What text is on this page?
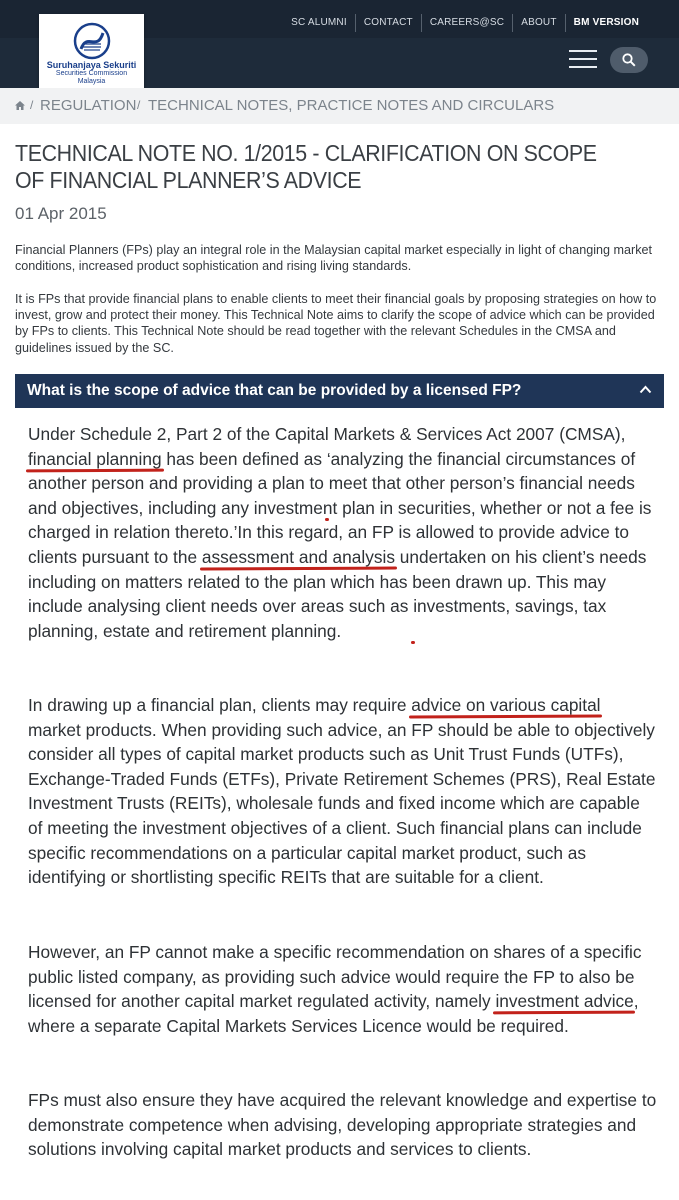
SC ALUMNI	CONTACT	CAREERS@SC	ABOUT	BM VERSION
Suruhanjaya Sekuriti
Securities Commission
Malaysia
/ REGULATION / TECHNICAL NOTES, PRACTICE NOTES AND CIRCULARS
TECHNICAL NOTE NO. 1/2015 - CLARIFICATION ON SCOPE OF FINANCIAL PLANNER’S ADVICE
01 Apr 2015
Financial Planners (FPs) play an integral role in the Malaysian capital market especially in light of changing market conditions, increased product sophistication and rising living standards.
It is FPs that provide financial plans to enable clients to meet their financial goals by proposing strategies on how to invest, grow and protect their money. This Technical Note aims to clarify the scope of advice which can be provided by FPs to clients. This Technical Note should be read together with the relevant Schedules in the CMSA and guidelines issued by the SC.
What is the scope of advice that can be provided by a licensed FP?
Under Schedule 2, Part 2 of the Capital Markets & Services Act 2007 (CMSA), financial planning has been defined as ‘analyzing the financial circumstances of another person and providing a plan to meet that other person’s financial needs and objectives, including any investment plan in securities, whether or not a fee is charged in relation thereto.’In this regard, an FP is allowed to provide advice to clients pursuant to the assessment and analysis undertaken on his client’s needs including on matters related to the plan which has been drawn up. This may include analysing client needs over areas such as investments, savings, tax planning, estate and retirement planning.
In drawing up a financial plan, clients may require advice on various capital market products. When providing such advice, an FP should be able to objectively consider all types of capital market products such as Unit Trust Funds (UTFs), Exchange-Traded Funds (ETFs), Private Retirement Schemes (PRS), Real Estate Investment Trusts (REITs), wholesale funds and fixed income which are capable of meeting the investment objectives of a client. Such financial plans can include specific recommendations on a particular capital market product, such as identifying or shortlisting specific REITs that are suitable for a client.
However, an FP cannot make a specific recommendation on shares of a specific public listed company, as providing such advice would require the FP to also be licensed for another capital market regulated activity, namely investment advice, where a separate Capital Markets Services Licence would be required.
FPs must also ensure they have acquired the relevant knowledge and expertise to demonstrate competence when advising, developing appropriate strategies and solutions involving capital market products and services to clients.
